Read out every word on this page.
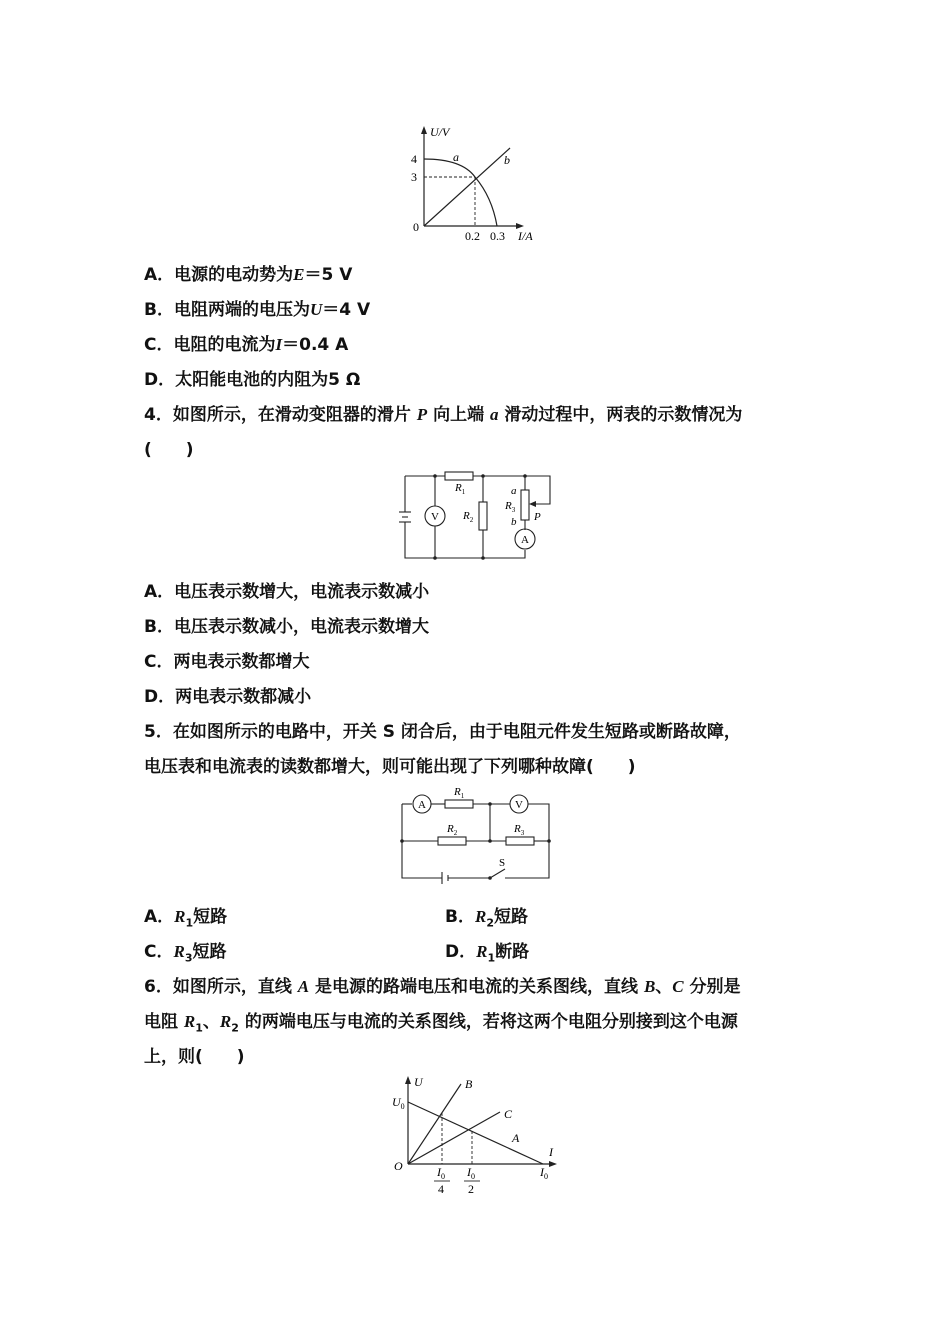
U/V
4
3
0
0.2 0.3 I/A
a	b
A．电源的电动势为E＝5 V
B．电阻两端的电压为U＝4 V
C．电阻的电流为I＝0.4 A
D．太阳能电池的内阻为5 Ω
4．如图所示，在滑动变阻器的滑片 P 向上端 a 滑动过程中，两表的示数情况为
(　　)
V
A
$R_1$
$R_2$
$R_3$
a
b P
A．电压表示数增大，电流表示数减小
B．电压表示数减小，电流表示数增大
C．两电表示数都增大
D．两电表示数都减小
5．在如图所示的电路中，开关 S 闭合后，由于电阻元件发生短路或断路故障，
电压表和电流表的读数都增大，则可能出现了下列哪种故障(　　)
A	V
$R_1$
$R_2$	$R_3$
S
A．$R_1$短路	B．$R_2$短路
C．$R_3$短路	D．$R_1$断路
6．如图所示，直线 A 是电源的路端电压和电流的关系图线，直线 B、C 分别是
电阻 $R_1$、$R_2$ 的两端电压与电流的关系图线，若将这两个电阻分别接到这个电源
上，则(　　)
U
$U_0$
O
I
B
C
A
$I_0$
$I_0$
4
$I_0$
2
